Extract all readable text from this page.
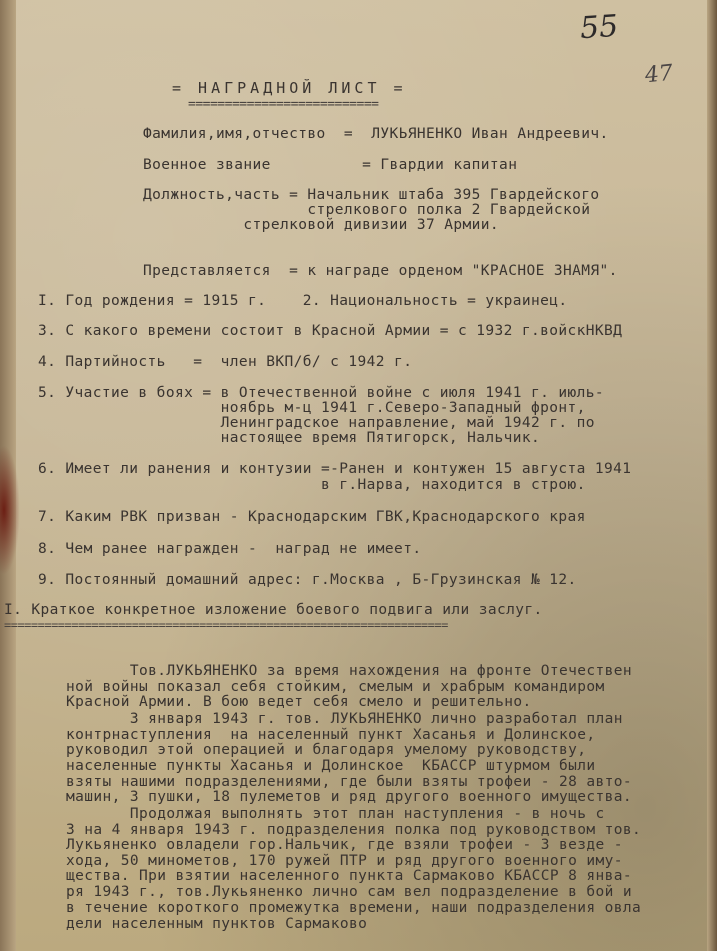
55
47
= НАГРАДНОЙ ЛИСТ =
==========================
Фамилия,имя,отчество  =  ЛУКЬЯНЕНКО Иван Андреевич.
Военное звание          = Гвардии капитан
Должность,часть = Начальник штаба 395 Гвардейского
стрелкового полка 2 Гвардейской
стрелковой дивизии 37 Армии.
Представляется  = к награде орденом "КРАСНОЕ ЗНАМЯ".
I. Год рождения = 1915 г.    2. Национальность = украинец.
3. С какого времени состоит в Красной Армии = с 1932 г.войскНКВД
4. Партийность   =  член ВКП/б/ с 1942 г.
5. Участие в боях = в Отечественной войне с июля 1941 г. июль-
ноябрь м-ц 1941 г.Северо-Западный фронт,
Ленинградское направление, май 1942 г. по
настоящее время Пятигорск, Нальчик.
6. Имеет ли ранения и контузии =-Ранен и контужен 15 августа 1941
в г.Нарва, находится в строю.
7. Каким РВК призван - Краснодарским ГВК,Краснодарского края
8. Чем ранее награжден -  наград не имеет.
9. Постоянный домашний адрес: г.Москва , Б-Грузинская № 12.
I. Краткое конкретное изложение боевого подвига или заслуг.
==================================================================
Тов.ЛУКЬЯНЕНКО за время нахождения на фронте Отечествен
ной войны показал себя стойким, смелым и храбрым командиром
Красной Армии. В бою ведет себя смело и решительно.
3 января 1943 г. тов. ЛУКЬЯНЕНКО лично разработал план
контрнаступления  на населенный пункт Хасанья и Долинское,
руководил этой операцией и благодаря умелому руководству,
населенные пункты Хасанья и Долинское  КБАССР штурмом были
взяты нашими подразделениями, где были взяты трофеи - 28 авто-
машин, 3 пушки, 18 пулеметов и ряд другого военного имущества.
Продолжая выполнять этот план наступления - в ночь с
3 на 4 января 1943 г. подразделения полка под руководством тов.
Лукьяненко овладели гор.Нальчик, где взяли трофеи - 3 везде -
хода, 50 минометов, 170 ружей ПТР и ряд другого военного иму-
щества. При взятии населенного пункта Сармаково КБАССР 8 янва-
ря 1943 г., тов.Лукьяненко лично сам вел подразделение в бой и
в течение короткого промежутка времени, наши подразделения овла
дели населенным пунктов Сармаково
